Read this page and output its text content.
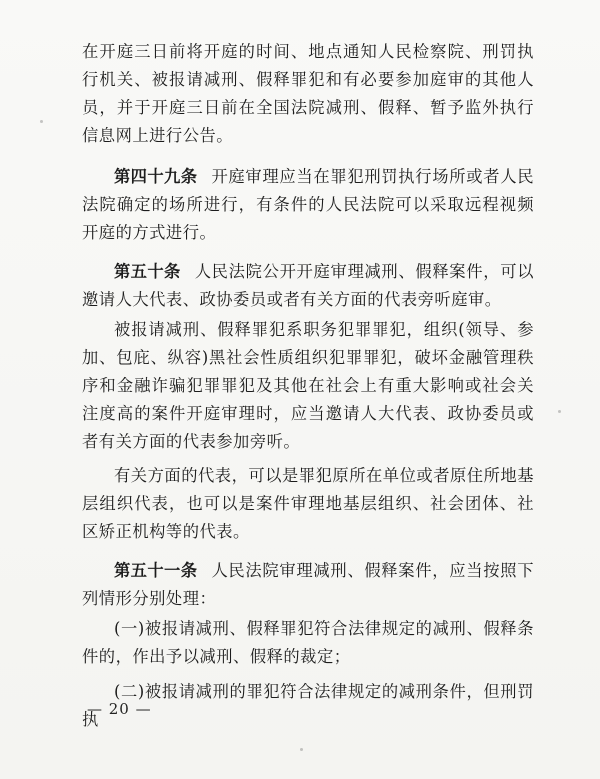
在开庭三日前将开庭的时间、地点通知人民检察院、刑罚执行机关、被报请减刑、假释罪犯和有必要参加庭审的其他人员，并于开庭三日前在全国法院减刑、假释、暂予监外执行信息网上进行公告。

第四十九条 开庭审理应当在罪犯刑罚执行场所或者人民法院确定的场所进行，有条件的人民法院可以采取远程视频开庭的方式进行。

第五十条 人民法院公开开庭审理减刑、假释案件，可以邀请人大代表、政协委员或者有关方面的代表旁听庭审。

被报请减刑、假释罪犯系职务犯罪罪犯，组织(领导、参加、包庇、纵容)黑社会性质组织犯罪罪犯，破坏金融管理秩序和金融诈骗犯罪罪犯及其他在社会上有重大影响或社会关注度高的案件开庭审理时，应当邀请人大代表、政协委员或者有关方面的代表参加旁听。

有关方面的代表，可以是罪犯原所在单位或者原住所地基层组织代表，也可以是案件审理地基层组织、社会团体、社区矫正机构等的代表。

第五十一条 人民法院审理减刑、假释案件，应当按照下列情形分别处理：

(一)被报请减刑、假释罪犯符合法律规定的减刑、假释条件的，作出予以减刑、假释的裁定；

(二)被报请减刑的罪犯符合法律规定的减刑条件，但刑罚执

— 20 —
